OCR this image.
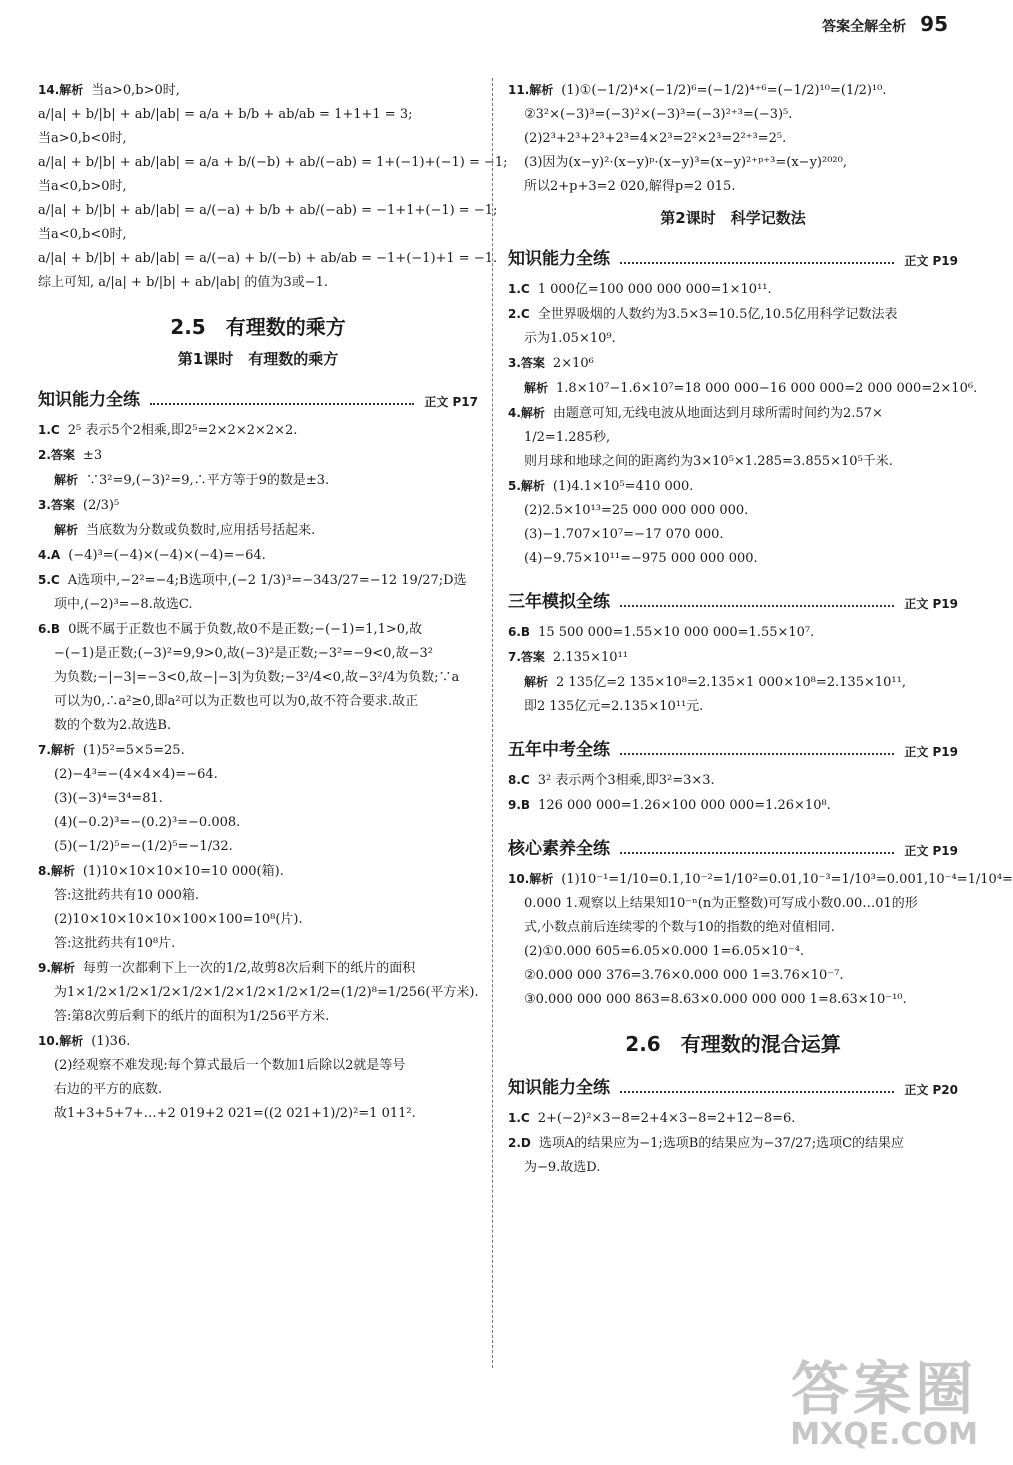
答案全解全析 95
14.解析 当a>0,b>0时,
a/|a| + b/|b| + ab/|ab| = a/a + b/b + ab/ab = 1+1+1 = 3;
当a>0,b<0时,
a/|a| + b/|b| + ab/|ab| = a/a + b/(−b) + ab/(−ab) = 1+(−1)+(−1) = −1;
当a<0,b>0时,
a/|a| + b/|b| + ab/|ab| = a/(−a) + b/b + ab/(−ab) = −1+1+(−1) = −1;
当a<0,b<0时,
a/|a| + b/|b| + ab/|ab| = a/(−a) + b/(−b) + ab/ab = −1+(−1)+1 = −1.
综上可知, a/|a| + b/|b| + ab/|ab| 的值为3或−1.
2.5　有理数的乘方
第1课时　有理数的乘方
知识能力全练	正文 P17
1.C 2⁵ 表示5个2相乘,即2⁵=2×2×2×2×2.
2.答案 ±3
解析 ∵3²=9,(−3)²=9,∴平方等于9的数是±3.
3.答案 (2/3)⁵
解析 当底数为分数或负数时,应用括号括起来.
4.A (−4)³=(−4)×(−4)×(−4)=−64.
5.C A选项中,−2²=−4;B选项中,(−2 1/3)³=−343/27=−12 19/27;D选
项中,(−2)³=−8.故选C.
6.B 0既不属于正数也不属于负数,故0不是正数;−(−1)=1,1>0,故
−(−1)是正数;(−3)²=9,9>0,故(−3)²是正数;−3²=−9<0,故−3²
为负数;−|−3|=−3<0,故−|−3|为负数;−3²/4<0,故−3²/4为负数;∵a
可以为0,∴a²≥0,即a²可以为正数也可以为0,故不符合要求.故正
数的个数为2.故选B.
7.解析 (1)5²=5×5=25.
(2)−4³=−(4×4×4)=−64.
(3)(−3)⁴=3⁴=81.
(4)(−0.2)³=−(0.2)³=−0.008.
(5)(−1/2)⁵=−(1/2)⁵=−1/32.
8.解析 (1)10×10×10×10=10 000(箱).
答:这批药共有10 000箱.
(2)10×10×10×10×100×100=10⁸(片).
答:这批药共有10⁸片.
9.解析 每剪一次都剩下上一次的1/2,故剪8次后剩下的纸片的面积
为1×1/2×1/2×1/2×1/2×1/2×1/2×1/2×1/2=(1/2)⁸=1/256(平方米).
答:第8次剪后剩下的纸片的面积为1/256平方米.
10.解析 (1)36.
(2)经观察不难发现:每个算式最后一个数加1后除以2就是等号
右边的平方的底数.
故1+3+5+7+…+2 019+2 021=((2 021+1)/2)²=1 011².
11.解析 (1)①(−1/2)⁴×(−1/2)⁶=(−1/2)⁴⁺⁶=(−1/2)¹⁰=(1/2)¹⁰.
②3²×(−3)³=(−3)²×(−3)³=(−3)²⁺³=(−3)⁵.
(2)2³+2³+2³+2³=4×2³=2²×2³=2²⁺³=2⁵.
(3)因为(x−y)²·(x−y)ᵖ·(x−y)³=(x−y)²⁺ᵖ⁺³=(x−y)²⁰²⁰,
所以2+p+3=2 020,解得p=2 015.
第2课时　科学记数法
知识能力全练	正文 P19
1.C 1 000亿=100 000 000 000=1×10¹¹.
2.C 全世界吸烟的人数约为3.5×3=10.5亿,10.5亿用科学记数法表
示为1.05×10⁹.
3.答案 2×10⁶
解析 1.8×10⁷−1.6×10⁷=18 000 000−16 000 000=2 000 000=2×10⁶.
4.解析 由题意可知,无线电波从地面达到月球所需时间约为2.57×
1/2=1.285秒,
则月球和地球之间的距离约为3×10⁵×1.285=3.855×10⁵千米.
5.解析 (1)4.1×10⁵=410 000.
(2)2.5×10¹³=25 000 000 000 000.
(3)−1.707×10⁷=−17 070 000.
(4)−9.75×10¹¹=−975 000 000 000.
三年模拟全练	正文 P19
6.B 15 500 000=1.55×10 000 000=1.55×10⁷.
7.答案 2.135×10¹¹
解析 2 135亿=2 135×10⁸=2.135×1 000×10⁸=2.135×10¹¹,
即2 135亿元=2.135×10¹¹元.
五年中考全练	正文 P19
8.C 3² 表示两个3相乘,即3²=3×3.
9.B 126 000 000=1.26×100 000 000=1.26×10⁸.
核心素养全练	正文 P19
10.解析 (1)10⁻¹=1/10=0.1,10⁻²=1/10²=0.01,10⁻³=1/10³=0.001,10⁻⁴=1/10⁴=
0.000 1.观察以上结果知10⁻ⁿ(n为正整数)可写成小数0.00…01的形
式,小数点前后连续零的个数与10的指数的绝对值相同.
(2)①0.000 605=6.05×0.000 1=6.05×10⁻⁴.
②0.000 000 376=3.76×0.000 000 1=3.76×10⁻⁷.
③0.000 000 000 863=8.63×0.000 000 000 1=8.63×10⁻¹⁰.
2.6　有理数的混合运算
知识能力全练	正文 P20
1.C 2+(−2)²×3−8=2+4×3−8=2+12−8=6.
2.D 选项A的结果应为−1;选项B的结果应为−37/27;选项C的结果应
为−9.故选D.
答案圈
MXQE.COM
